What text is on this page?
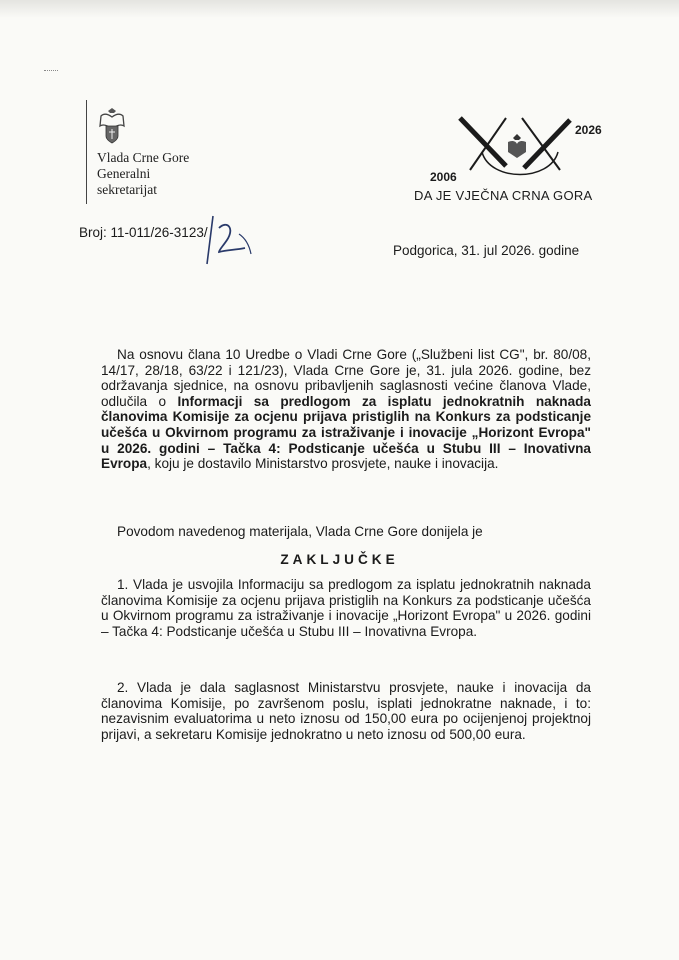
Vlada Crne Gore
Generalni
sekretarijat
2006
2026
DA JE VJEČNA CRNA GORA
Broj: 11-011/26-3123/
Podgorica, 31. jul 2026. godine
Na osnovu člana 10 Uredbe o Vladi Crne Gore („Službeni list CG", br. 80/08, 14/17, 28/18, 63/22 i 121/23), Vlada Crne Gore je, 31. jula 2026. godine, bez održavanja sjednice, na osnovu pribavljenih saglasnosti većine članova Vlade, odlučila o Informacji sa predlogom za isplatu jednokratnih naknada članovima Komisije za ocjenu prijava pristiglih na Konkurs za podsticanje učešća u Okvirnom programu za istraživanje i inovacije „Horizont Evropa" u 2026. godini – Tačka 4: Podsticanje učešća u Stubu III – Inovativna Evropa, koju je dostavilo Ministarstvo prosvjete, nauke i inovacija.
Povodom navedenog materijala, Vlada Crne Gore donijela je
ZAKLJUČKE
1. Vlada je usvojila Informaciju sa predlogom za isplatu jednokratnih naknada članovima Komisije za ocjenu prijava pristiglih na Konkurs za podsticanje učešća u Okvirnom programu za istraživanje i inovacije „Horizont Evropa" u 2026. godini – Tačka 4: Podsticanje učešća u Stubu III – Inovativna Evropa.
2. Vlada je dala saglasnost Ministarstvu prosvjete, nauke i inovacija da članovima Komisije, po završenom poslu, isplati jednokratne naknade, i to: nezavisnim evaluatorima u neto iznosu od 150,00 eura po ocijenjenoj projektnoj prijavi, a sekretaru Komisije jednokratno u neto iznosu od 500,00 eura.
